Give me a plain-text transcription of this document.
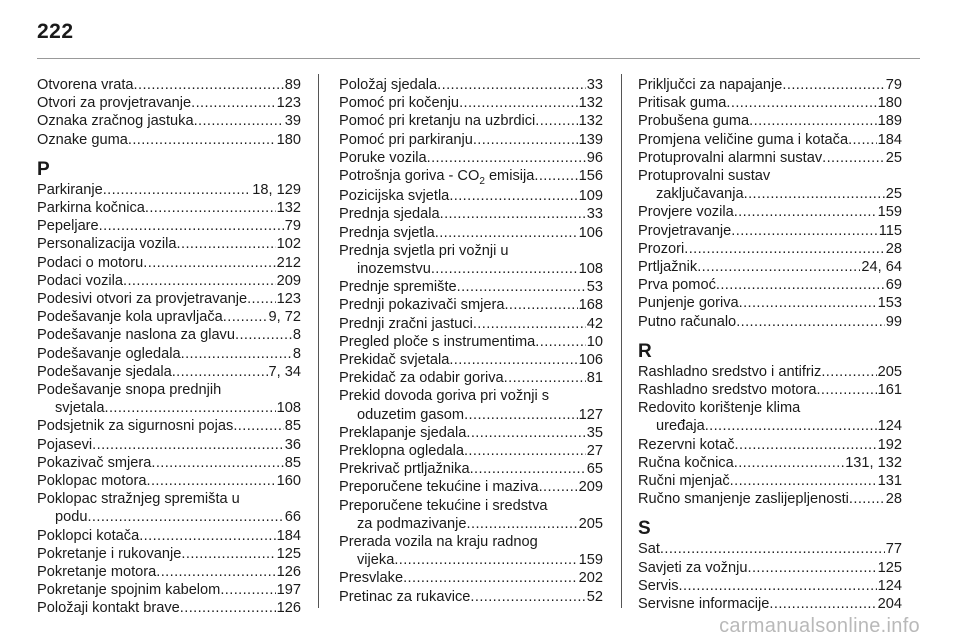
222
Otvorena vrata .....	89
Otvori za provjetravanje .....	123
Oznaka zračnog jastuka .....	39
Oznake guma .....	180
P
Parkiranje .....	18, 129
Parkirna kočnica .....	132
Pepeljare .....	79
Personalizacija vozila .....	102
Podaci o motoru .....	212
Podaci vozila .....	209
Podesivi otvori za provjetravanje ..... 123
Podešavanje kola upravljača .....	9, 72
Podešavanje naslona za glavu .....	8
Podešavanje ogledala .....	8
Podešavanje sjedala .....	7, 34
Podešavanje snopa prednjih
svjetala .....	108
Podsjetnik za sigurnosni pojas .....	85
Pojasevi .....	36
Pokazivač smjera .....	85
Poklopac motora .....	160
Poklopac stražnjeg spremišta u
podu .....	66
Poklopci kotača .....	184
Pokretanje i rukovanje .....	125
Pokretanje motora .....	126
Pokretanje spojnim kabelom .....	197
Položaji kontakt brave .....	126
Položaj sjedala .....	33
Pomoć pri kočenju .....	132
Pomoć pri kretanju na uzbrdici .....	132
Pomoć pri parkiranju .....	139
Poruke vozila .....	96
Potrošnja goriva - $CO_2$ emisija .....	156
Pozicijska svjetla .....	109
Prednja sjedala .....	33
Prednja svjetla .....	106
Prednja svjetla pri vožnji u
inozemstvu .....	108
Prednje spremište .....	53
Prednji pokazivači smjera .....	168
Prednji zračni jastuci .....	42
Pregled ploče s instrumentima .....	10
Prekidač svjetala .....	106
Prekidač za odabir goriva .....	81
Prekid dovoda goriva pri vožnji s
oduzetim gasom .....	127
Preklapanje sjedala .....	35
Preklopna ogledala .....	27
Prekrivač prtljažnika .....	65
Preporučene tekućine i maziva .....	209
Preporučene tekućine i sredstva
za podmazivanje .....	205
Prerada vozila na kraju radnog
vijeka .....	159
Presvlake .....	202
Pretinac za rukavice .....	52
Priključci za napajanje .....	79
Pritisak guma .....	180
Probušena guma .....	189
Promjena veličine guma i kotača ..... 184
Protuprovalni alarmni sustav .....	25
Protuprovalni sustav
zaključavanja .....	25
Provjere vozila .....	159
Provjetravanje .....	115
Prozori .....	28
Prtljažnik .....	24, 64
Prva pomoć .....	69
Punjenje goriva .....	153
Putno računalo .....	99
R
Rashladno sredstvo i antifriz .....	205
Rashladno sredstvo motora .....	161
Redovito korištenje klima
uređaja .....	124
Rezervni kotač .....	192
Ručna kočnica .....	131, 132
Ručni mjenjač .....	131
Ručno smanjenje zaslijepljenosti .....	28
S
Sat .....	77
Savjeti za vožnju .....	125
Servis .....	124
Servisne informacije .....	204
carmanualsonline.info
